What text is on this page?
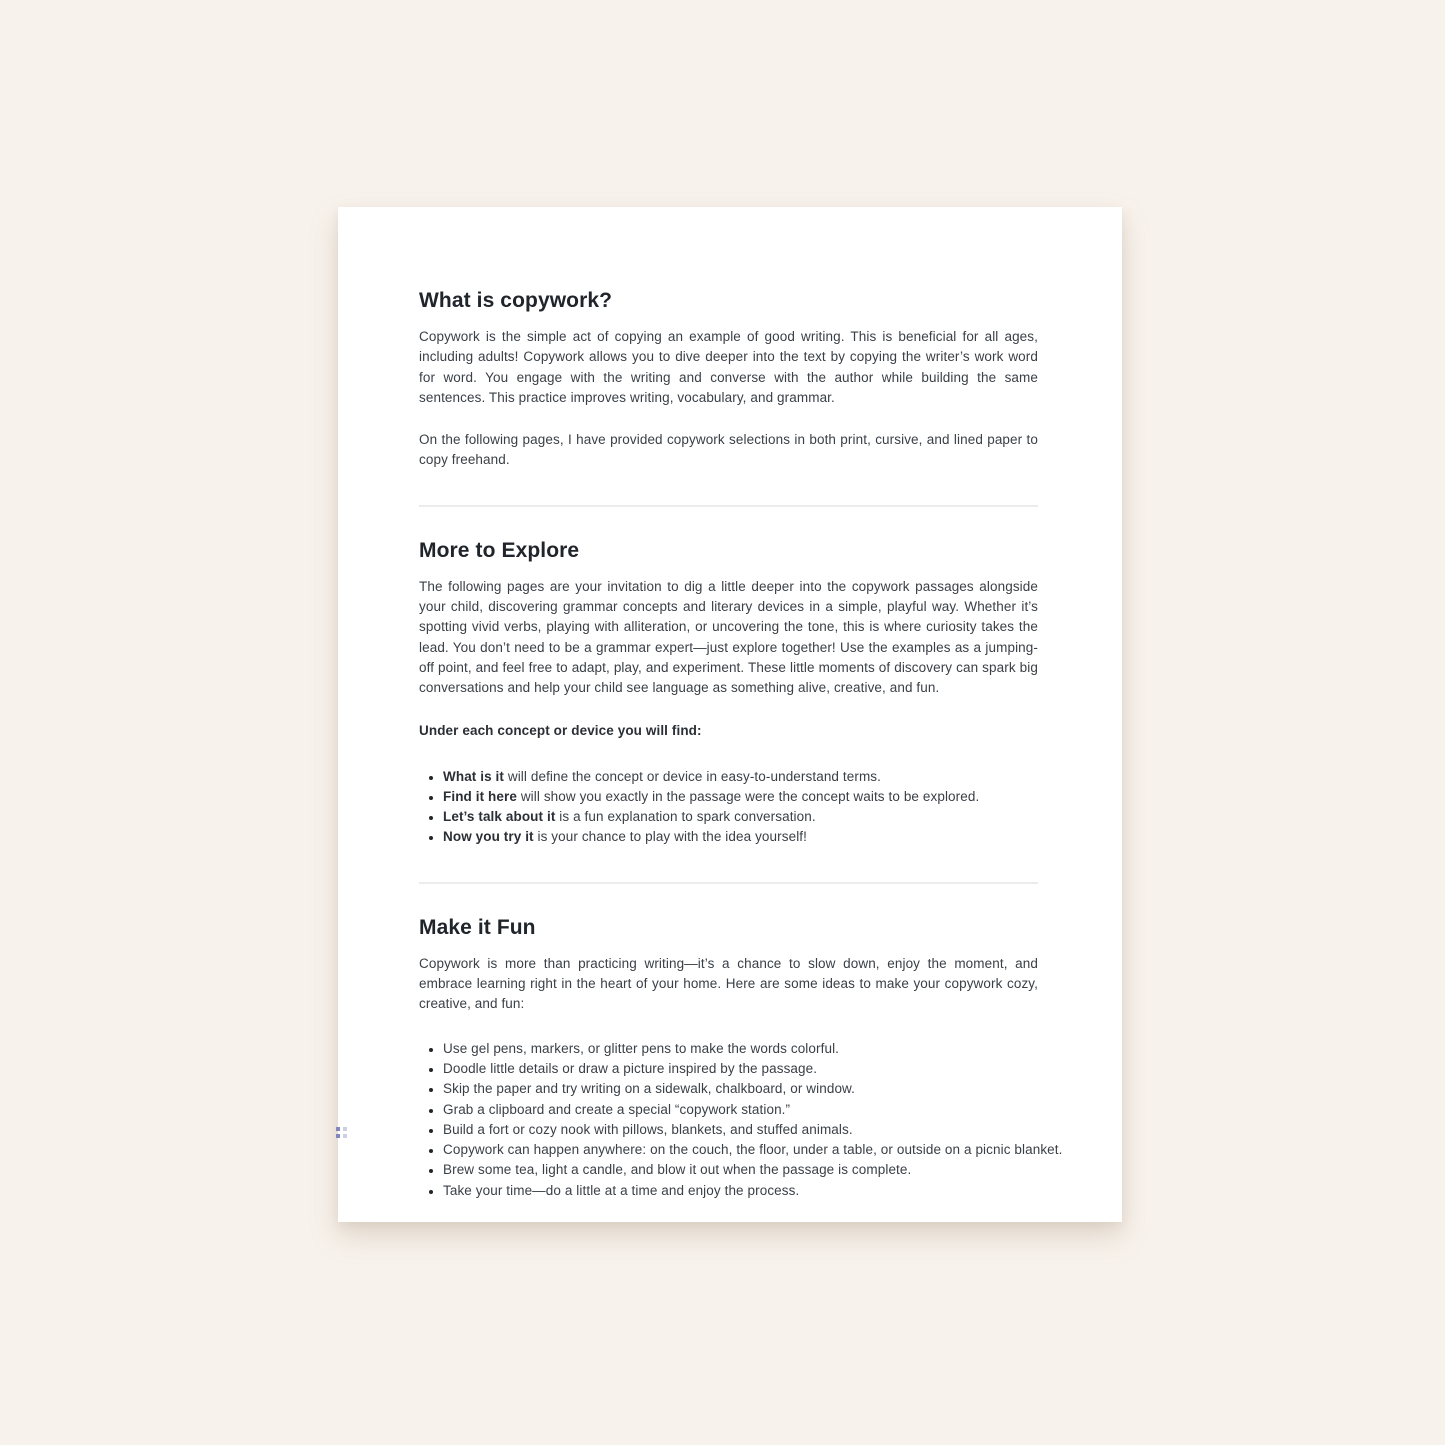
What is copywork?

Copywork is the simple act of copying an example of good writing. This is beneficial for all ages, including adults! Copywork allows you to dive deeper into the text by copying the writer’s work word for word. You engage with the writing and converse with the author while building the same sentences. This practice improves writing, vocabulary, and grammar.

On the following pages, I have provided copywork selections in both print, cursive, and lined paper to copy freehand.

More to Explore

The following pages are your invitation to dig a little deeper into the copywork passages alongside your child, discovering grammar concepts and literary devices in a simple, playful way. Whether it’s spotting vivid verbs, playing with alliteration, or uncovering the tone, this is where curiosity takes the lead. You don’t need to be a grammar expert—just explore together! Use the examples as a jumping-off point, and feel free to adapt, play, and experiment. These little moments of discovery can spark big conversations and help your child see language as something alive, creative, and fun.

Under each concept or device you will find:

• What is it will define the concept or device in easy-to-understand terms.
• Find it here will show you exactly in the passage were the concept waits to be explored.
• Let’s talk about it is a fun explanation to spark conversation.
• Now you try it is your chance to play with the idea yourself!
Make it Fun

Copywork is more than practicing writing—it’s a chance to slow down, enjoy the moment, and embrace learning right in the heart of your home. Here are some ideas to make your copywork cozy, creative, and fun:

• Use gel pens, markers, or glitter pens to make the words colorful.
• Doodle little details or draw a picture inspired by the passage.
• Skip the paper and try writing on a sidewalk, chalkboard, or window.
• Grab a clipboard and create a special “copywork station.”
• Build a fort or cozy nook with pillows, blankets, and stuffed animals.
• Copywork can happen anywhere: on the couch, the floor, under a table, or outside on a picnic blanket.
• Brew some tea, light a candle, and blow it out when the passage is complete.
• Take your time—do a little at a time and enjoy the process.
